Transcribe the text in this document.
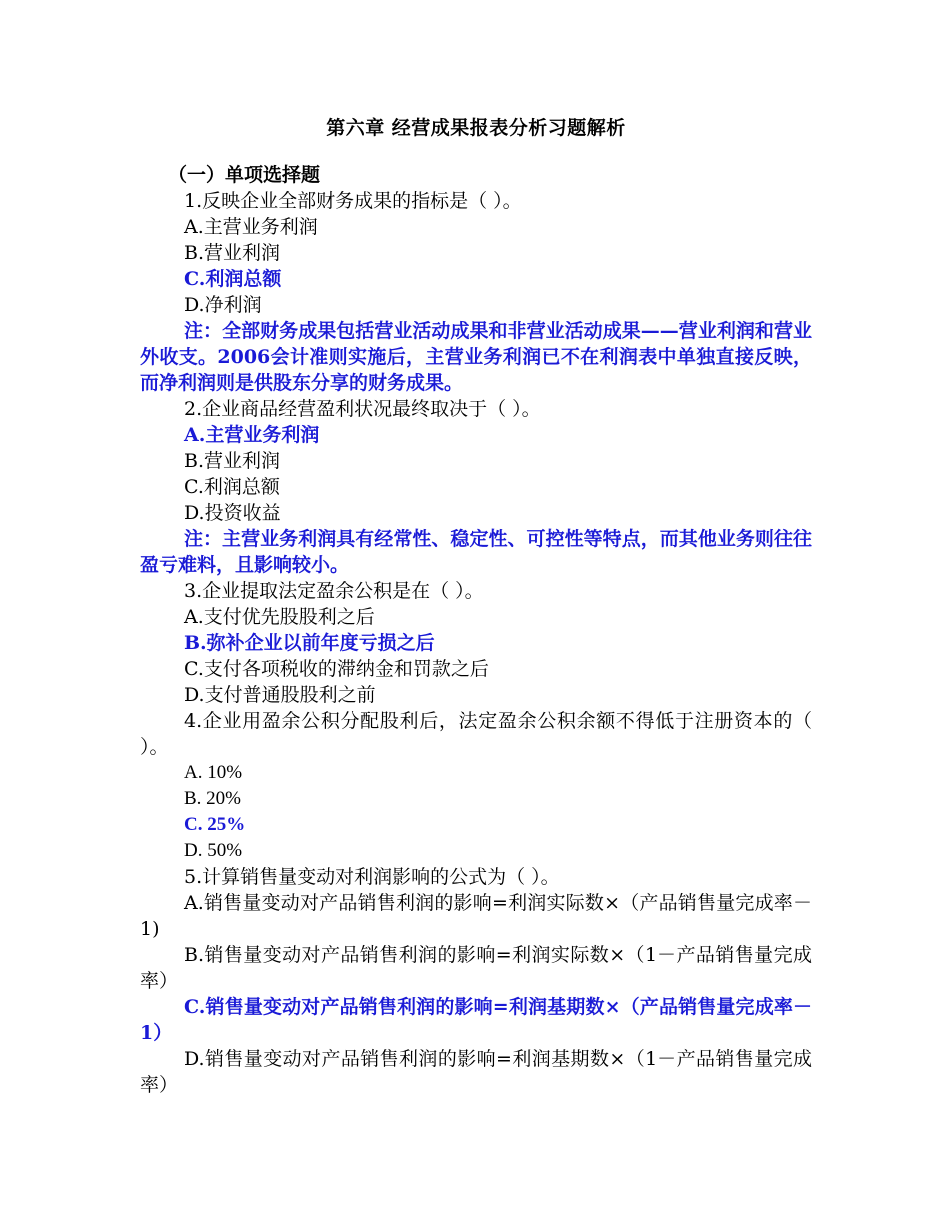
第六章 经营成果报表分析习题解析
（一）单项选择题
1.反映企业全部财务成果的指标是（ ）。
A.主营业务利润
B.营业利润
C.利润总额
D.净利润
注：全部财务成果包括营业活动成果和非营业活动成果——营业利润和营业外收支。2006会计准则实施后，主营业务利润已不在利润表中单独直接反映，而净利润则是供股东分享的财务成果。
2.企业商品经营盈利状况最终取决于（ ）。
A.主营业务利润
B.营业利润
C.利润总额
D.投资收益
注：主营业务利润具有经常性、稳定性、可控性等特点，而其他业务则往往盈亏难料，且影响较小。
3.企业提取法定盈余公积是在（ ）。
A.支付优先股股利之后
B.弥补企业以前年度亏损之后
C.支付各项税收的滞纳金和罚款之后
D.支付普通股股利之前
4.企业用盈余公积分配股利后，法定盈余公积余额不得低于注册资本的（ ）。
A. 10%
B. 20%
C. 25%
D. 50%
5.计算销售量变动对利润影响的公式为（ ）。
A.销售量变动对产品销售利润的影响=利润实际数×（产品销售量完成率－1)
B.销售量变动对产品销售利润的影响=利润实际数×（1－产品销售量完成率）
C.销售量变动对产品销售利润的影响=利润基期数×（产品销售量完成率－1）
D.销售量变动对产品销售利润的影响=利润基期数×（1－产品销售量完成率）
